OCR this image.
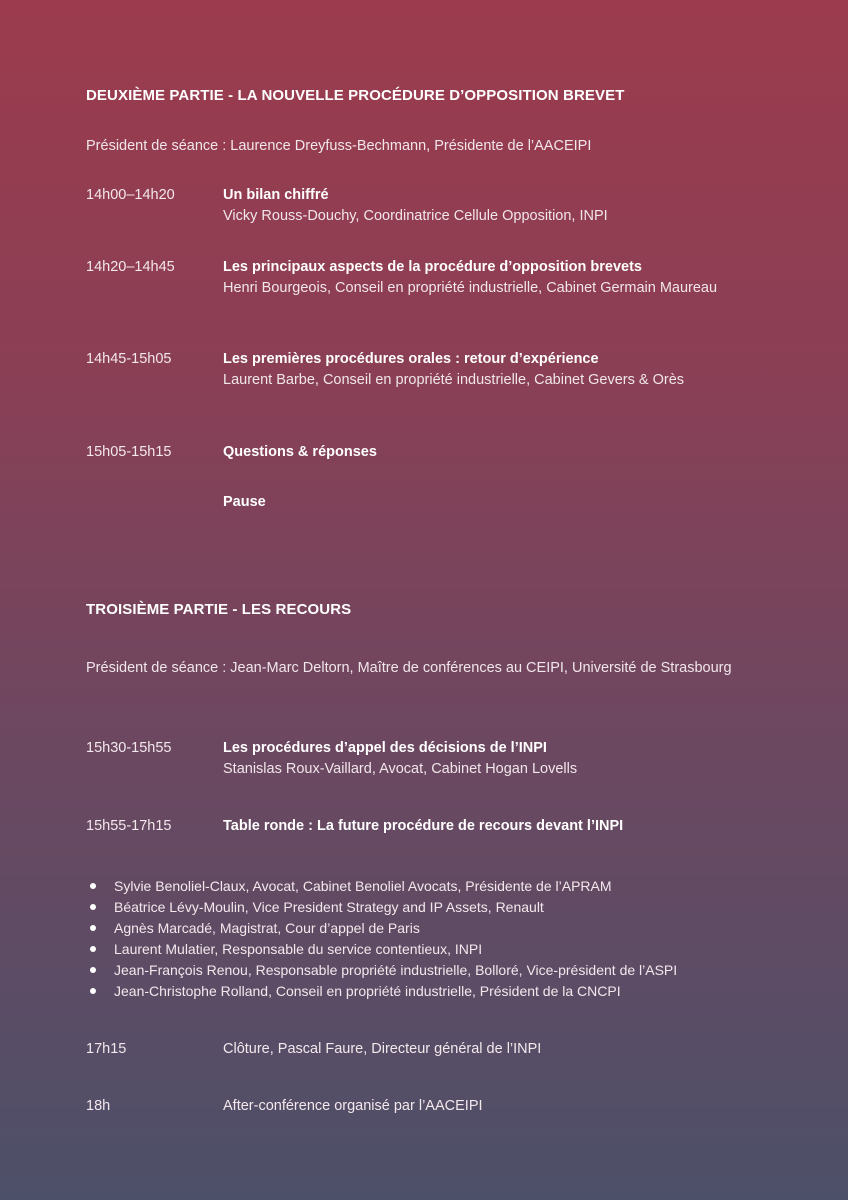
DEUXIÈME PARTIE - LA NOUVELLE PROCÉDURE D’OPPOSITION BREVET
Président de séance : Laurence Dreyfuss-Bechmann, Présidente de l’AACEIPI
14h00–14h20	Un bilan chiffré
Vicky Rouss-Douchy, Coordinatrice Cellule Opposition, INPI
14h20–14h45	Les principaux aspects de la procédure d’opposition brevets
Henri Bourgeois, Conseil en propriété industrielle, Cabinet Germain Maureau
14h45-15h05	Les premières procédures orales : retour d’expérience
Laurent Barbe, Conseil en propriété industrielle, Cabinet Gevers & Orès
15h05-15h15	Questions & réponses
Pause
TROISIÈME PARTIE - LES RECOURS
Président de séance : Jean-Marc Deltorn, Maître de conférences au CEIPI, Université de Strasbourg
15h30-15h55	Les procédures d’appel des décisions de l’INPI
Stanislas Roux-Vaillard, Avocat, Cabinet Hogan Lovells
15h55-17h15	Table ronde : La future procédure de recours devant l’INPI
Sylvie Benoliel-Claux, Avocat, Cabinet Benoliel Avocats, Présidente de l’APRAM
Béatrice Lévy-Moulin, Vice President Strategy and IP Assets, Renault
Agnès Marcadé, Magistrat, Cour d’appel de Paris
Laurent Mulatier, Responsable du service contentieux, INPI
Jean-François Renou, Responsable propriété industrielle, Bolloré, Vice-président de l’ASPI
Jean-Christophe Rolland, Conseil en propriété industrielle, Président de la CNCPI
17h15	Clôture, Pascal Faure, Directeur général de l’INPI
18h	After-conférence organisé par l’AACEIPI
